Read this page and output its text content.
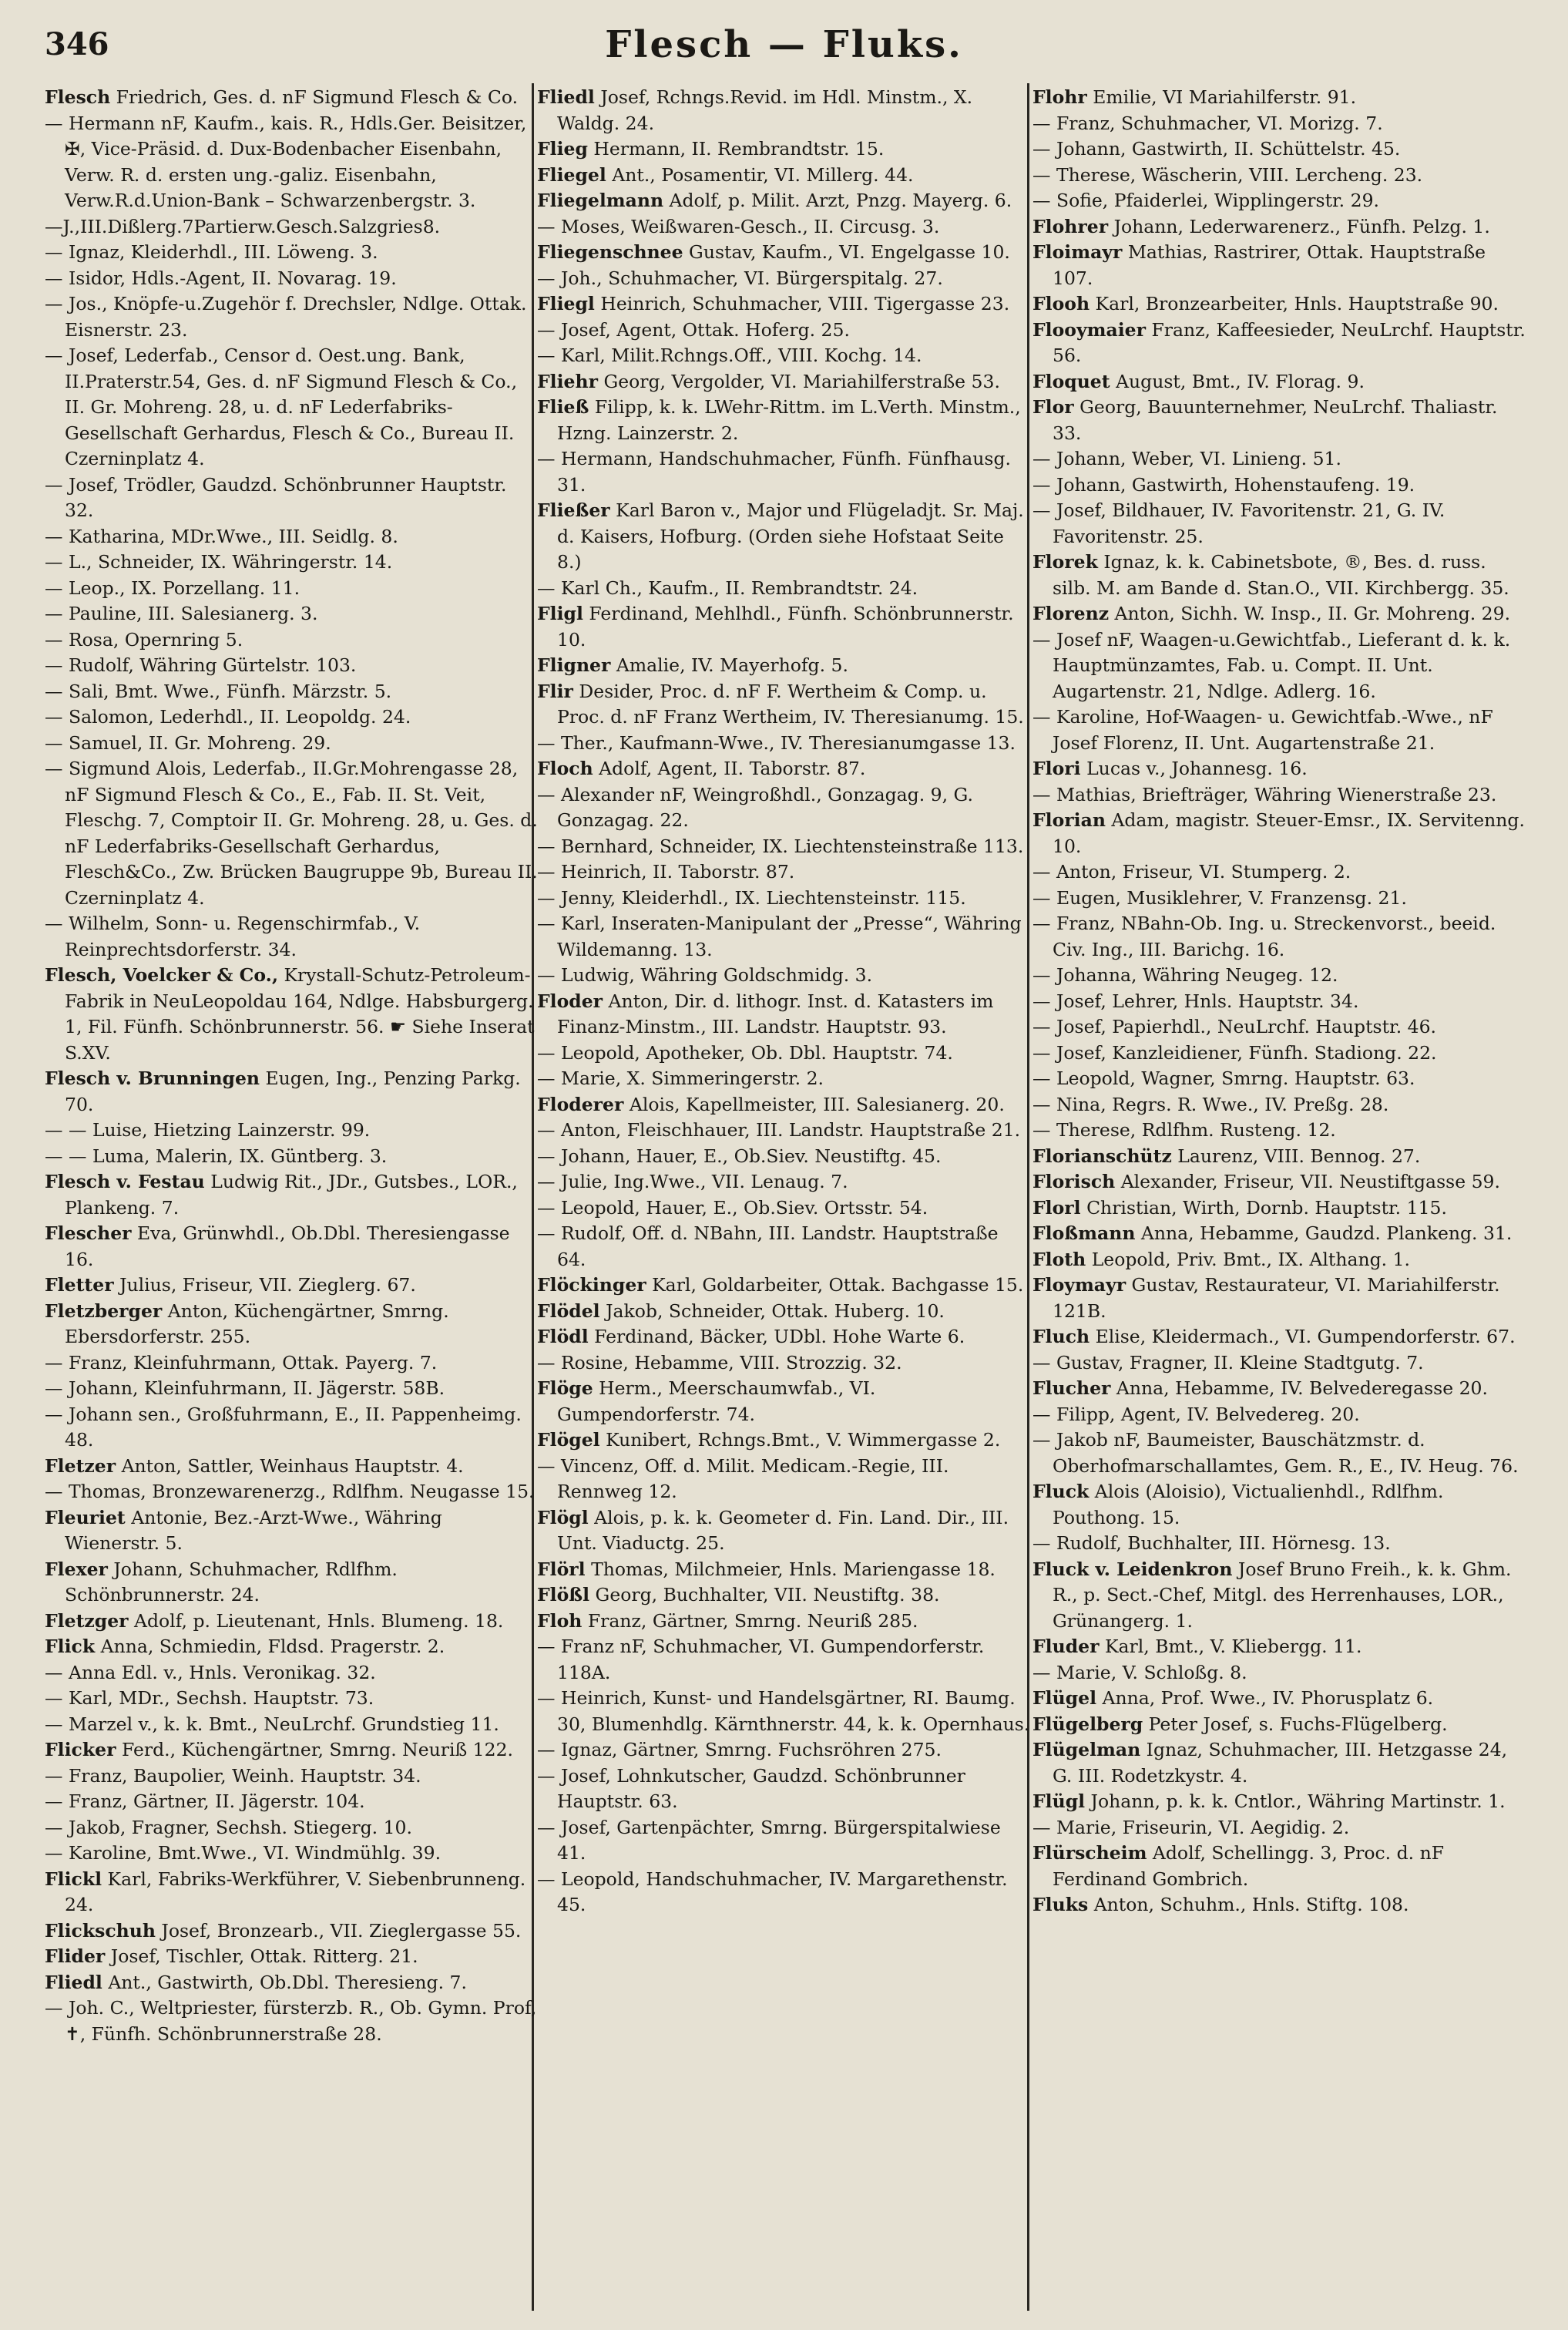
346	Flesch — Fluks.

Flesch Friedrich, Ges. d. nF Sigmund Flesch & Co.

— Hermann nF, Kaufm., kais. R., Hdls.Ger. Beisitzer, ✠, Vice-Präsid. d. Dux-Bodenbacher Eisenbahn, Verw. R. d. ersten ung.-galiz. Eisenbahn, Verw.R.d.Union-Bank – Schwarzenbergstr. 3.

—J.,III.Dißlerg.7Partierw.Gesch.Salzgries8.

— Ignaz, Kleiderhdl., III. Löweng. 3.

— Isidor, Hdls.-Agent, II. Novarag. 19.

— Jos., Knöpfe-u.Zugehör f. Drechsler, Ndlge. Ottak. Eisnerstr. 23.

— Josef, Lederfab., Censor d. Oest.ung. Bank, II.Praterstr.54, Ges. d. nF Sigmund Flesch & Co., II. Gr. Mohreng. 28, u. d. nF Lederfabriks-Gesellschaft Gerhardus, Flesch & Co., Bureau II. Czerninplatz 4.

— Josef, Trödler, Gaudzd. Schönbrunner Hauptstr. 32.

— Katharina, MDr.Wwe., III. Seidlg. 8.

— L., Schneider, IX. Währingerstr. 14.

— Leop., IX. Porzellang. 11.

— Pauline, III. Salesianerg. 3.

— Rosa, Opernring 5.

— Rudolf, Währing Gürtelstr. 103.

— Sali, Bmt. Wwe., Fünfh. Märzstr. 5.

— Salomon, Lederhdl., II. Leopoldg. 24.

— Samuel, II. Gr. Mohreng. 29.

— Sigmund Alois, Lederfab., II.Gr.Mohrengasse 28, nF Sigmund Flesch & Co., E., Fab. II. St. Veit, Fleschg. 7, Comptoir II. Gr. Mohreng. 28, u. Ges. d. nF Lederfabriks-Gesellschaft Gerhardus, Flesch&Co., Zw. Brücken Baugruppe 9b, Bureau II. Czerninplatz 4.

— Wilhelm, Sonn- u. Regenschirmfab., V. Reinprechtsdorferstr. 34.

Flesch, Voelcker & Co., Krystall-Schutz-Petroleum-Fabrik in NeuLeopoldau 164, Ndlge. Habsburgerg. 1, Fil. Fünfh. Schönbrunnerstr. 56. ☛ Siehe Inserat S.XV.

Flesch v. Brunningen Eugen, Ing., Penzing Parkg. 70.

— — Luise, Hietzing Lainzerstr. 99.

— — Luma, Malerin, IX. Güntberg. 3.

Flesch v. Festau Ludwig Rit., JDr., Gutsbes., LOR., Plankeng. 7.

Flescher Eva, Grünwhdl., Ob.Dbl. Theresiengasse 16.

Fletter Julius, Friseur, VII. Zieglerg. 67.

Fletzberger Anton, Küchengärtner, Smrng. Ebersdorferstr. 255.

— Franz, Kleinfuhrmann, Ottak. Payerg. 7.

— Johann, Kleinfuhrmann, II. Jägerstr. 58B.

— Johann sen., Großfuhrmann, E., II. Pappenheimg. 48.

Fletzer Anton, Sattler, Weinhaus Hauptstr. 4.

— Thomas, Bronzewarenerzg., Rdlfhm. Neugasse 15.

Fleuriet Antonie, Bez.-Arzt-Wwe., Währing Wienerstr. 5.

Flexer Johann, Schuhmacher, Rdlfhm. Schönbrunnerstr. 24.

Fletzger Adolf, p. Lieutenant, Hnls. Blumeng. 18.

Flick Anna, Schmiedin, Fldsd. Pragerstr. 2.

— Anna Edl. v., Hnls. Veronikag. 32.

— Karl, MDr., Sechsh. Hauptstr. 73.

— Marzel v., k. k. Bmt., NeuLrchf. Grundstieg 11.

Flicker Ferd., Küchengärtner, Smrng. Neuriß 122.

— Franz, Baupolier, Weinh. Hauptstr. 34.

— Franz, Gärtner, II. Jägerstr. 104.

— Jakob, Fragner, Sechsh. Stiegerg. 10.

— Karoline, Bmt.Wwe., VI. Windmühlg. 39.

Flickl Karl, Fabriks-Werkführer, V. Siebenbrunneng. 24.

Flickschuh Josef, Bronzearb., VII. Zieglergasse 55.

Flider Josef, Tischler, Ottak. Ritterg. 21.

Fliedl Ant., Gastwirth, Ob.Dbl. Theresieng. 7.

— Joh. C., Weltpriester, fürsterzb. R., Ob. Gymn. Prof, ✝, Fünfh. Schönbrunnerstraße 28.

Fliedl Josef, Rchngs.Revid. im Hdl. Minstm., X. Waldg. 24.

Flieg Hermann, II. Rembrandtstr. 15.

Fliegel Ant., Posamentir, VI. Millerg. 44.

Fliegelmann Adolf, p. Milit. Arzt, Pnzg. Mayerg. 6.

— Moses, Weißwaren-Gesch., II. Circusg. 3.

Fliegenschnee Gustav, Kaufm., VI. Engelgasse 10.

— Joh., Schuhmacher, VI. Bürgerspitalg. 27.

Fliegl Heinrich, Schuhmacher, VIII. Tigergasse 23.

— Josef, Agent, Ottak. Hoferg. 25.

— Karl, Milit.Rchngs.Off., VIII. Kochg. 14.

Fliehr Georg, Vergolder, VI. Mariahilferstraße 53.

Fließ Filipp, k. k. LWehr-Rittm. im L.Verth. Minstm., Hzng. Lainzerstr. 2.

— Hermann, Handschuhmacher, Fünfh. Fünfhausg. 31.

Fließer Karl Baron v., Major und Flügeladjt. Sr. Maj. d. Kaisers, Hofburg. (Orden siehe Hofstaat Seite 8.)

— Karl Ch., Kaufm., II. Rembrandtstr. 24.

Fligl Ferdinand, Mehlhdl., Fünfh. Schönbrunnerstr. 10.

Fligner Amalie, IV. Mayerhofg. 5.

Flir Desider, Proc. d. nF F. Wertheim & Comp. u. Proc. d. nF Franz Wertheim, IV. Theresianumg. 15.

— Ther., Kaufmann-Wwe., IV. Theresianumgasse 13.

Floch Adolf, Agent, II. Taborstr. 87.

— Alexander nF, Weingroßhdl., Gonzagag. 9, G. Gonzagag. 22.

— Bernhard, Schneider, IX. Liechtensteinstraße 113.

— Heinrich, II. Taborstr. 87.

— Jenny, Kleiderhdl., IX. Liechtensteinstr. 115.

— Karl, Inseraten-Manipulant der „Presse“, Währing Wildemanng. 13.

— Ludwig, Währing Goldschmidg. 3.

Floder Anton, Dir. d. lithogr. Inst. d. Katasters im Finanz-Minstm., III. Landstr. Hauptstr. 93.

— Leopold, Apotheker, Ob. Dbl. Hauptstr. 74.

— Marie, X. Simmeringerstr. 2.

Floderer Alois, Kapellmeister, III. Salesianerg. 20.

— Anton, Fleischhauer, III. Landstr. Hauptstraße 21.

— Johann, Hauer, E., Ob.Siev. Neustiftg. 45.

— Julie, Ing.Wwe., VII. Lenaug. 7.

— Leopold, Hauer, E., Ob.Siev. Ortsstr. 54.

— Rudolf, Off. d. NBahn, III. Landstr. Hauptstraße 64.

Flöckinger Karl, Goldarbeiter, Ottak. Bachgasse 15.

Flödel Jakob, Schneider, Ottak. Huberg. 10.

Flödl Ferdinand, Bäcker, UDbl. Hohe Warte 6.

— Rosine, Hebamme, VIII. Strozzig. 32.

Flöge Herm., Meerschaumwfab., VI. Gumpendorferstr. 74.

Flögel Kunibert, Rchngs.Bmt., V. Wimmergasse 2.

— Vincenz, Off. d. Milit. Medicam.-Regie, III. Rennweg 12.

Flögl Alois, p. k. k. Geometer d. Fin. Land. Dir., III. Unt. Viaductg. 25.

Flörl Thomas, Milchmeier, Hnls. Mariengasse 18.

Flößl Georg, Buchhalter, VII. Neustiftg. 38.

Floh Franz, Gärtner, Smrng. Neuriß 285.

— Franz nF, Schuhmacher, VI. Gumpendorferstr. 118A.

— Heinrich, Kunst- und Handelsgärtner, RI. Baumg. 30, Blumenhdlg. Kärnthnerstr. 44, k. k. Opernhaus.

— Ignaz, Gärtner, Smrng. Fuchsröhren 275.

— Josef, Lohnkutscher, Gaudzd. Schönbrunner Hauptstr. 63.

— Josef, Gartenpächter, Smrng. Bürgerspitalwiese 41.

— Leopold, Handschuhmacher, IV. Margarethenstr. 45.

Flohr Emilie, VI Mariahilferstr. 91.

— Franz, Schuhmacher, VI. Morizg. 7.

— Johann, Gastwirth, II. Schüttelstr. 45.

— Therese, Wäscherin, VIII. Lercheng. 23.

— Sofie, Pfaiderlei, Wipplingerstr. 29.

Flohrer Johann, Lederwarenerz., Fünfh. Pelzg. 1.

Floimayr Mathias, Rastrirer, Ottak. Hauptstraße 107.

Flooh Karl, Bronzearbeiter, Hnls. Hauptstraße 90.

Flooymaier Franz, Kaffeesieder, NeuLrchf. Hauptstr. 56.

Floquet August, Bmt., IV. Florag. 9.

Flor Georg, Bauunternehmer, NeuLrchf. Thaliastr. 33.

— Johann, Weber, VI. Linieng. 51.

— Johann, Gastwirth, Hohenstaufeng. 19.

— Josef, Bildhauer, IV. Favoritenstr. 21, G. IV. Favoritenstr. 25.

Florek Ignaz, k. k. Cabinetsbote, ®, Bes. d. russ. silb. M. am Bande d. Stan.O., VII. Kirchbergg. 35.

Florenz Anton, Sichh. W. Insp., II. Gr. Mohreng. 29.

— Josef nF, Waagen-u.Gewichtfab., Lieferant d. k. k. Hauptmünzamtes, Fab. u. Compt. II. Unt. Augartenstr. 21, Ndlge. Adlerg. 16.

— Karoline, Hof-Waagen- u. Gewichtfab.-Wwe., nF Josef Florenz, II. Unt. Augartenstraße 21.

Flori Lucas v., Johannesg. 16.

— Mathias, Briefträger, Währing Wienerstraße 23.

Florian Adam, magistr. Steuer-Emsr., IX. Servitenng. 10.

— Anton, Friseur, VI. Stumperg. 2.

— Eugen, Musiklehrer, V. Franzensg. 21.

— Franz, NBahn-Ob. Ing. u. Streckenvorst., beeid. Civ. Ing., III. Barichg. 16.

— Johanna, Währing Neugeg. 12.

— Josef, Lehrer, Hnls. Hauptstr. 34.

— Josef, Papierhdl., NeuLrchf. Hauptstr. 46.

— Josef, Kanzleidiener, Fünfh. Stadiong. 22.

— Leopold, Wagner, Smrng. Hauptstr. 63.

— Nina, Regrs. R. Wwe., IV. Preßg. 28.

— Therese, Rdlfhm. Rusteng. 12.

Florianschütz Laurenz, VIII. Bennog. 27.

Florisch Alexander, Friseur, VII. Neustiftgasse 59.

Florl Christian, Wirth, Dornb. Hauptstr. 115.

Floßmann Anna, Hebamme, Gaudzd. Plankeng. 31.

Floth Leopold, Priv. Bmt., IX. Althang. 1.

Floymayr Gustav, Restaurateur, VI. Mariahilferstr. 121B.

Fluch Elise, Kleidermach., VI. Gumpendorferstr. 67.

— Gustav, Fragner, II. Kleine Stadtgutg. 7.

Flucher Anna, Hebamme, IV. Belvederegasse 20.

— Filipp, Agent, IV. Belvedereg. 20.

— Jakob nF, Baumeister, Bauschätzmstr. d. Oberhofmarschallamtes, Gem. R., E., IV. Heug. 76.

Fluck Alois (Aloisio), Victualienhdl., Rdlfhm. Pouthong. 15.

— Rudolf, Buchhalter, III. Hörnesg. 13.

Fluck v. Leidenkron Josef Bruno Freih., k. k. Ghm. R., p. Sect.-Chef, Mitgl. des Herrenhauses, LOR., Grünangerg. 1.

Fluder Karl, Bmt., V. Kliebergg. 11.

— Marie, V. Schloßg. 8.

Flügel Anna, Prof. Wwe., IV. Phorusplatz 6.

Flügelberg Peter Josef, s. Fuchs-Flügelberg.

Flügelman Ignaz, Schuhmacher, III. Hetzgasse 24, G. III. Rodetzkystr. 4.

Flügl Johann, p. k. k. Cntlor., Währing Martinstr. 1.

— Marie, Friseurin, VI. Aegidig. 2.

Flürscheim Adolf, Schellingg. 3, Proc. d. nF Ferdinand Gombrich.

Fluks Anton, Schuhm., Hnls. Stiftg. 108.
